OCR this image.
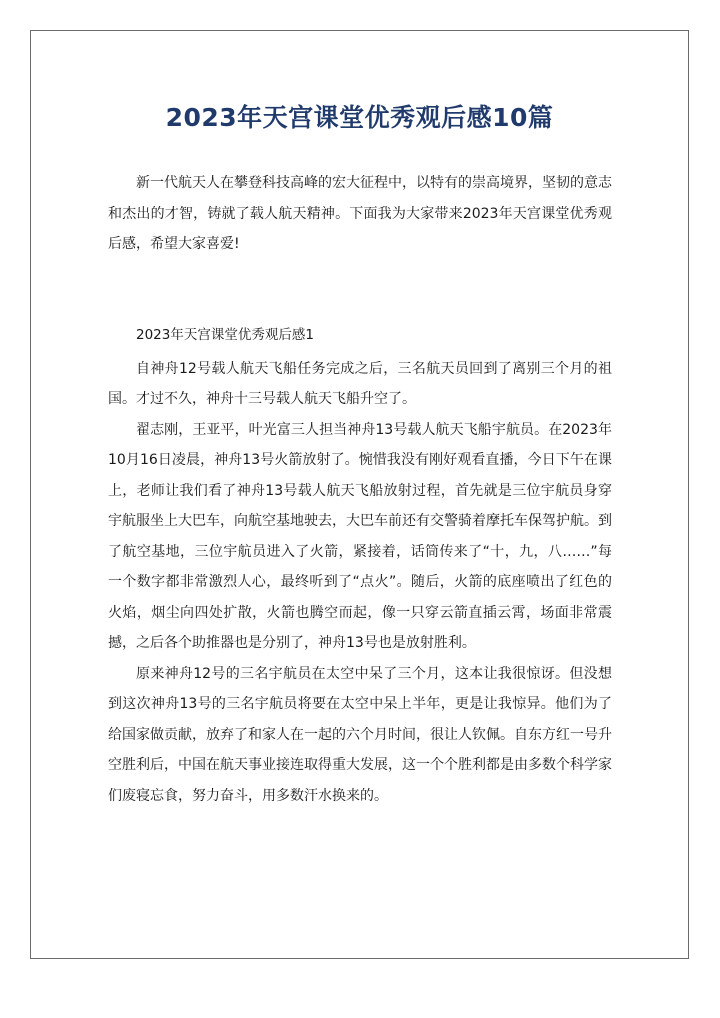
2023年天宫课堂优秀观后感10篇

新一代航天人在攀登科技高峰的宏大征程中，以特有的崇高境界，坚韧的意志和杰出的才智，铸就了载人航天精神。下面我为大家带来2023年天宫课堂优秀观后感，希望大家喜爱!

2023年天宫课堂优秀观后感1

自神舟12号载人航天飞船任务完成之后，三名航天员回到了离别三个月的祖国。才过不久，神舟十三号载人航天飞船升空了。

翟志刚，王亚平，叶光富三人担当神舟13号载人航天飞船宇航员。在2023年10月16日凌晨，神舟13号火箭放射了。惋惜我没有刚好观看直播，今日下午在课上，老师让我们看了神舟13号载人航天飞船放射过程，首先就是三位宇航员身穿宇航服坐上大巴车，向航空基地驶去，大巴车前还有交警骑着摩托车保驾护航。到了航空基地，三位宇航员进入了火箭，紧接着，话筒传来了“十，九，八……”每一个数字都非常激烈人心，最终听到了“点火”。随后，火箭的底座喷出了红色的火焰，烟尘向四处扩散，火箭也腾空而起，像一只穿云箭直插云霄，场面非常震撼，之后各个助推器也是分别了，神舟13号也是放射胜利。

原来神舟12号的三名宇航员在太空中呆了三个月，这本让我很惊讶。但没想到这次神舟13号的三名宇航员将要在太空中呆上半年，更是让我惊异。他们为了给国家做贡献，放弃了和家人在一起的六个月时间，很让人钦佩。自东方红一号升空胜利后，中国在航天事业接连取得重大发展，这一个个胜利都是由多数个科学家们废寝忘食，努力奋斗，用多数汗水换来的。
